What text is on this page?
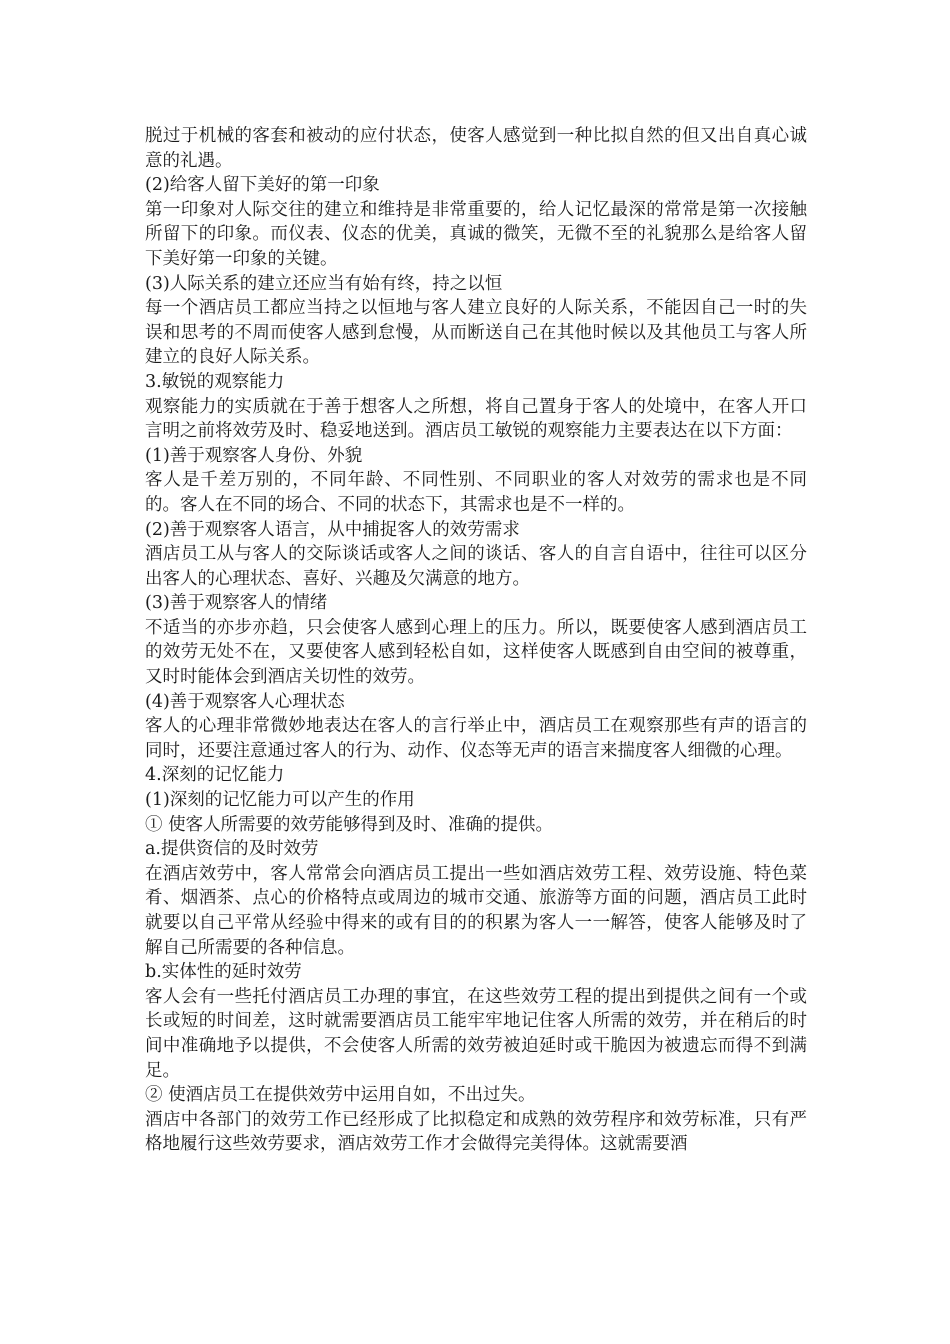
脱过于机械的客套和被动的应付状态，使客人感觉到一种比拟自然的但又出自真心诚意的礼遇。

(2)给客人留下美好的第一印象

第一印象对人际交往的建立和维持是非常重要的，给人记忆最深的常常是第一次接触所留下的印象。而仪表、仪态的优美，真诚的微笑，无微不至的礼貌那么是给客人留下美好第一印象的关键。

(3)人际关系的建立还应当有始有终，持之以恒

每一个酒店员工都应当持之以恒地与客人建立良好的人际关系，不能因自己一时的失误和思考的不周而使客人感到怠慢，从而断送自己在其他时候以及其他员工与客人所建立的良好人际关系。

3.敏锐的观察能力

观察能力的实质就在于善于想客人之所想，将自己置身于客人的处境中，在客人开口言明之前将效劳及时、稳妥地送到。酒店员工敏锐的观察能力主要表达在以下方面：

(1)善于观察客人身份、外貌

客人是千差万别的，不同年龄、不同性别、不同职业的客人对效劳的需求也是不同的。客人在不同的场合、不同的状态下，其需求也是不一样的。

(2)善于观察客人语言，从中捕捉客人的效劳需求

酒店员工从与客人的交际谈话或客人之间的谈话、客人的自言自语中，往往可以区分出客人的心理状态、喜好、兴趣及欠满意的地方。

(3)善于观察客人的情绪

不适当的亦步亦趋，只会使客人感到心理上的压力。所以，既要使客人感到酒店员工的效劳无处不在，又要使客人感到轻松自如，这样使客人既感到自由空间的被尊重，又时时能体会到酒店关切性的效劳。

(4)善于观察客人心理状态

客人的心理非常微妙地表达在客人的言行举止中，酒店员工在观察那些有声的语言的同时，还要注意通过客人的行为、动作、仪态等无声的语言来揣度客人细微的心理。

4.深刻的记忆能力

(1)深刻的记忆能力可以产生的作用

① 使客人所需要的效劳能够得到及时、准确的提供。

a.提供资信的及时效劳

在酒店效劳中，客人常常会向酒店员工提出一些如酒店效劳工程、效劳设施、特色菜肴、烟酒茶、点心的价格特点或周边的城市交通、旅游等方面的问题，酒店员工此时就要以自己平常从经验中得来的或有目的的积累为客人一一解答，使客人能够及时了解自己所需要的各种信息。

b.实体性的延时效劳

客人会有一些托付酒店员工办理的事宜，在这些效劳工程的提出到提供之间有一个或长或短的时间差，这时就需要酒店员工能牢牢地记住客人所需的效劳，并在稍后的时间中准确地予以提供，不会使客人所需的效劳被迫延时或干脆因为被遗忘而得不到满足。

② 使酒店员工在提供效劳中运用自如，不出过失。

酒店中各部门的效劳工作已经形成了比拟稳定和成熟的效劳程序和效劳标准，只有严格地履行这些效劳要求，酒店效劳工作才会做得完美得体。这就需要酒
